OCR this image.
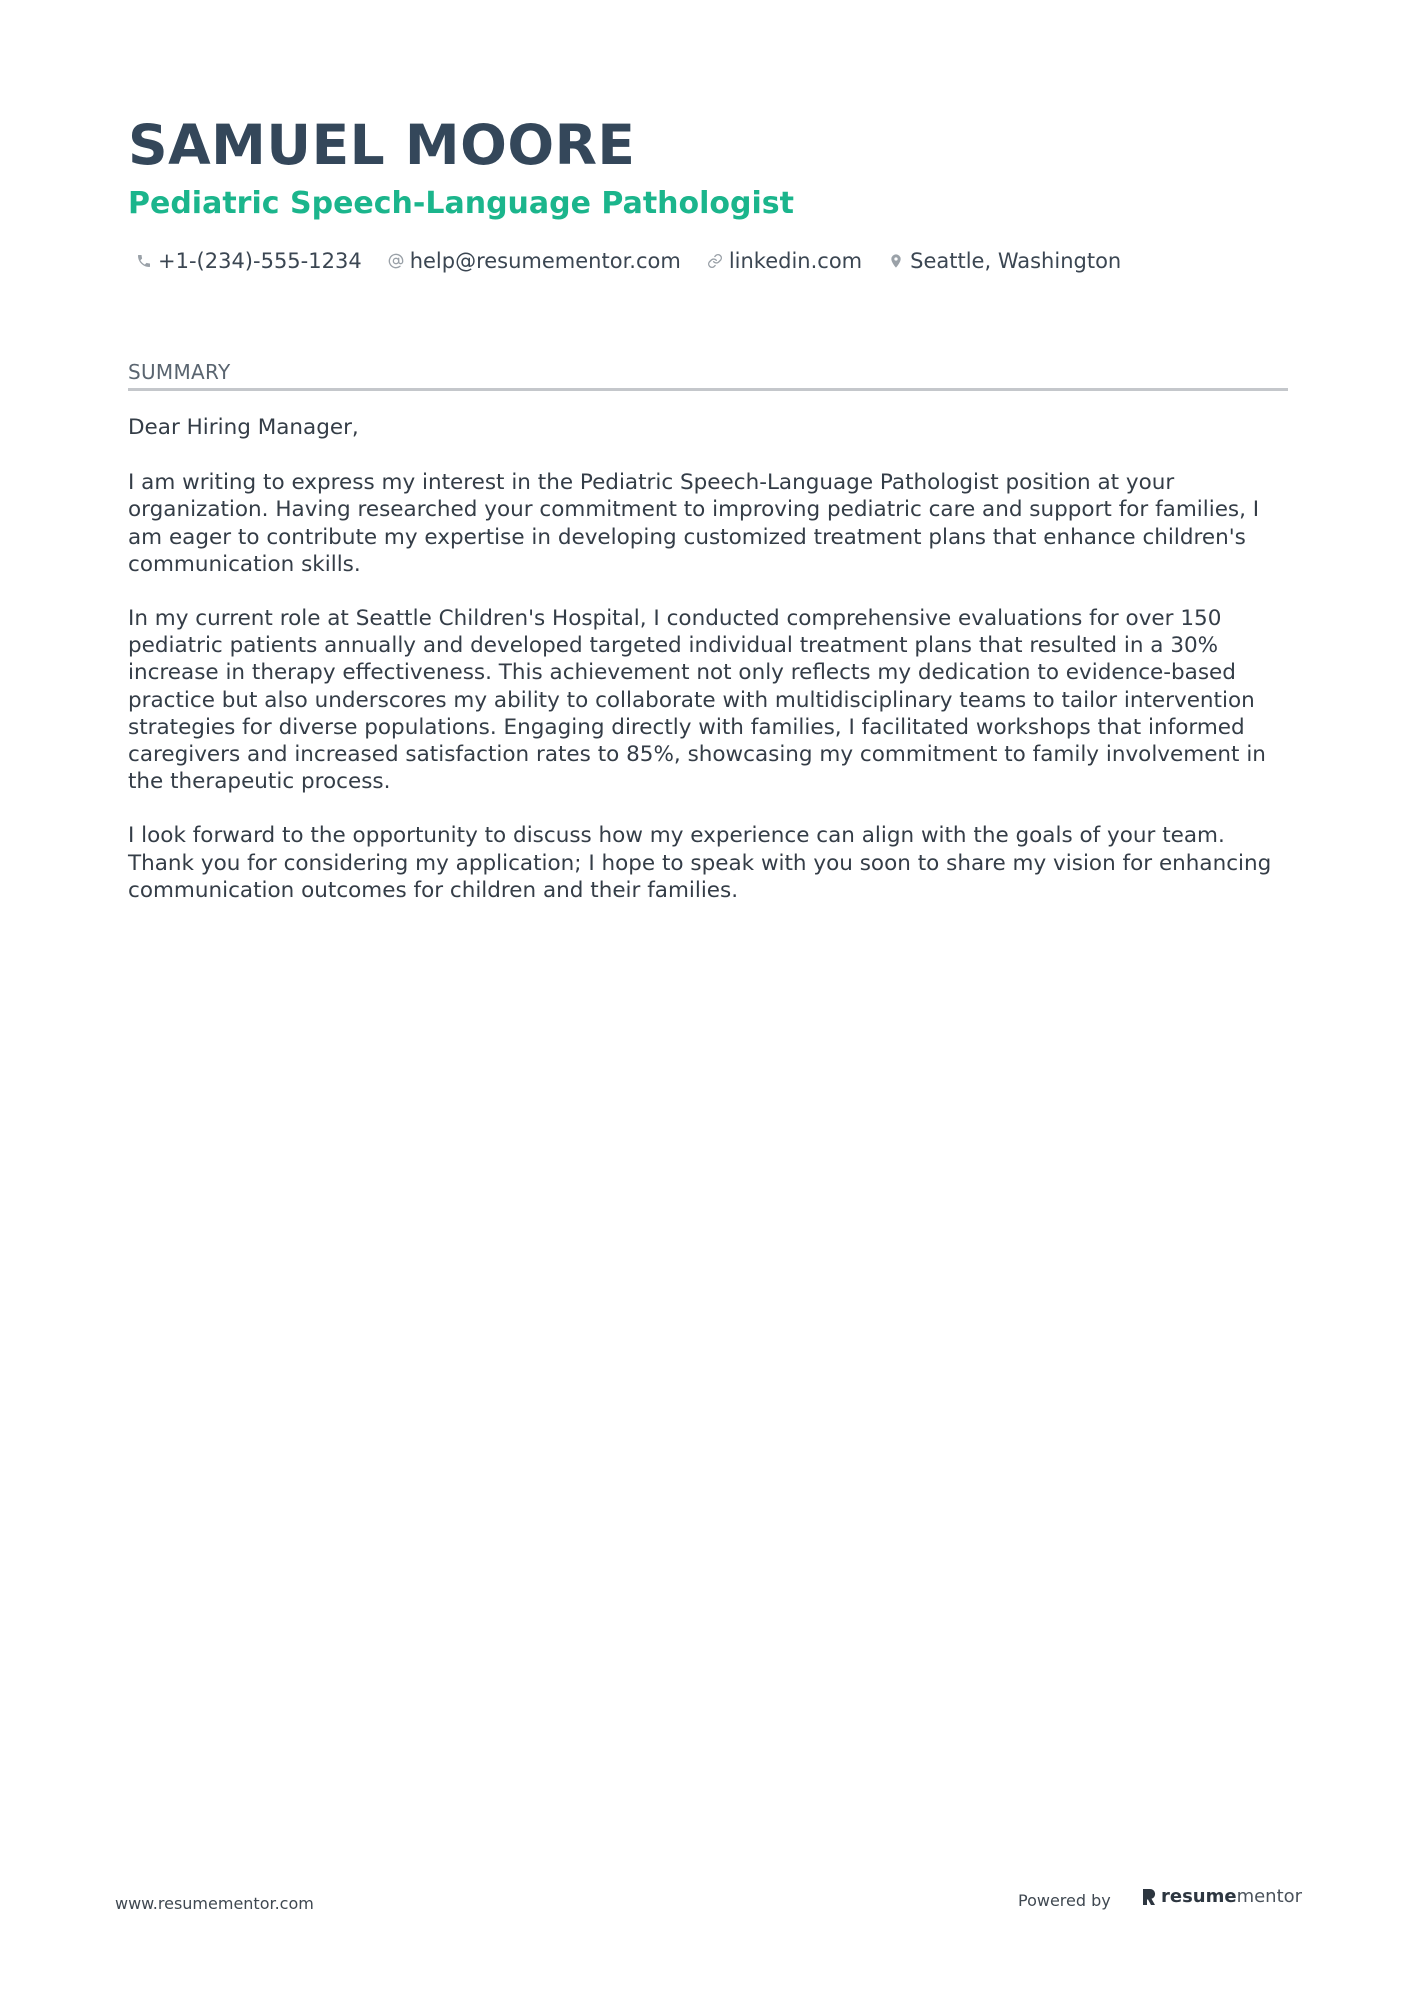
SAMUEL MOORE
Pediatric Speech-Language Pathologist
+1-(234)-555-1234 help@resumementor.com linkedin.com Seattle, Washington
SUMMARY

Dear Hiring Manager,

I am writing to express my interest in the Pediatric Speech-Language Pathologist position at your organization. Having researched your commitment to improving pediatric care and support for families, I am eager to contribute my expertise in developing customized treatment plans that enhance children's communication skills.

In my current role at Seattle Children's Hospital, I conducted comprehensive evaluations for over 150 pediatric patients annually and developed targeted individual treatment plans that resulted in a 30% increase in therapy effectiveness. This achievement not only reflects my dedication to evidence-based practice but also underscores my ability to collaborate with multidisciplinary teams to tailor intervention strategies for diverse populations. Engaging directly with families, I facilitated workshops that informed caregivers and increased satisfaction rates to 85%, showcasing my commitment to family involvement in the therapeutic process.

I look forward to the opportunity to discuss how my experience can align with the goals of your team. Thank you for considering my application; I hope to speak with you soon to share my vision for enhancing communication outcomes for children and their families.

www.resumementor.com	Powered by	resume mentor
